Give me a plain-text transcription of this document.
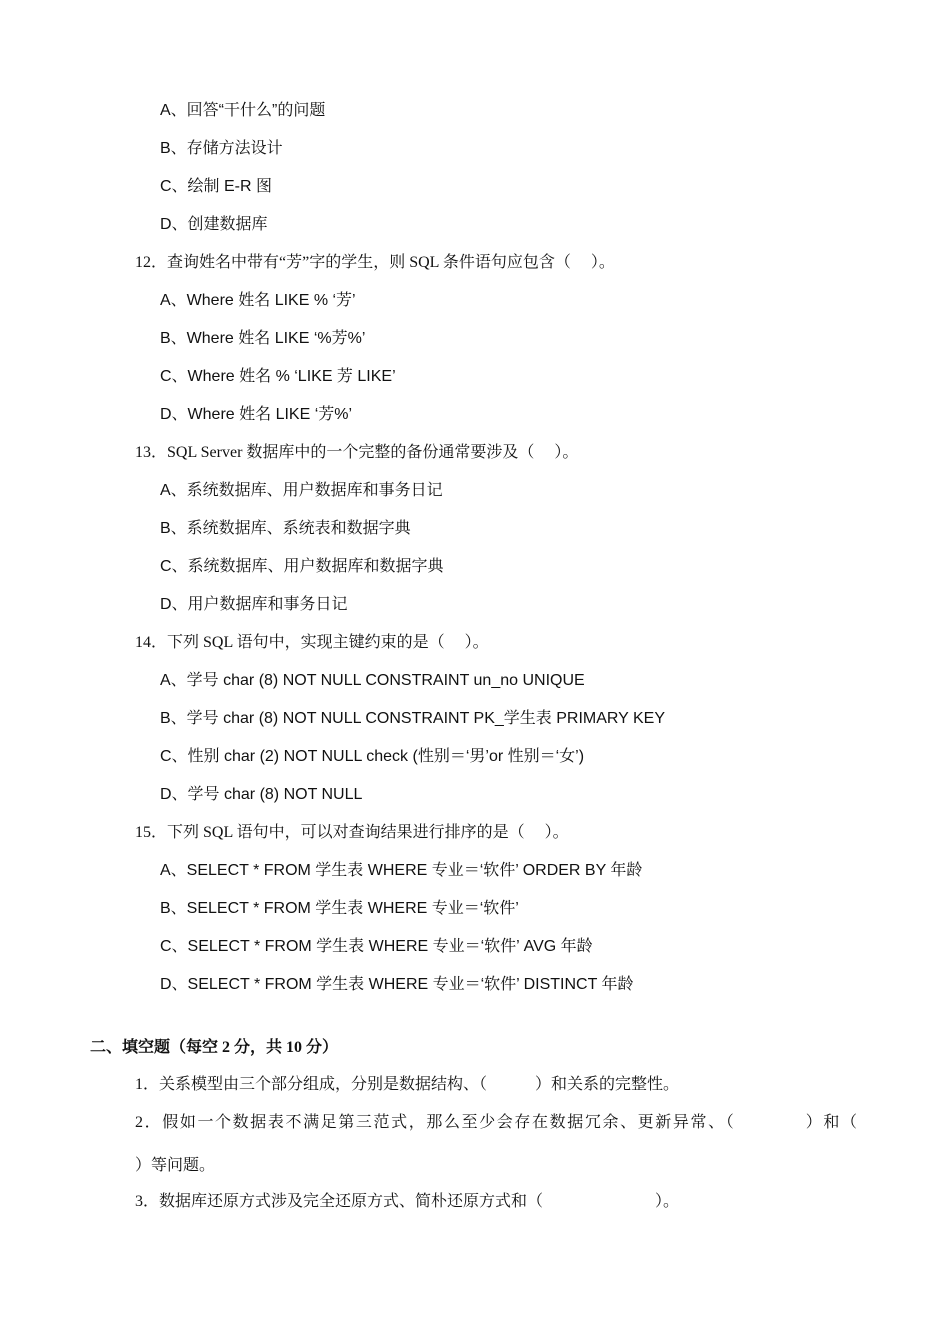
A、回答“干什么”的问题
B、存储方法设计
C、绘制 E-R 图
D、创建数据库
12．查询姓名中带有“芳”字的学生，则 SQL 条件语句应包含（　 ）。
A、Where 姓名 LIKE % ‘芳’
B、Where 姓名 LIKE ‘%芳%’
C、Where 姓名 % ‘LIKE 芳 LIKE’
D、Where 姓名 LIKE ‘芳%’
13．SQL Server 数据库中的一个完整的备份通常要涉及（　 ）。
A、系统数据库、用户数据库和事务日记
B、系统数据库、系统表和数据字典
C、系统数据库、用户数据库和数据字典
D、用户数据库和事务日记
14．下列 SQL 语句中，实现主键约束的是（　 ）。
A、学号 char (8) NOT NULL CONSTRAINT un_no UNIQUE
B、学号 char (8) NOT NULL CONSTRAINT PK_学生表 PRIMARY KEY
C、性别 char (2) NOT NULL check (性别＝‘男’or 性别＝‘女’)
D、学号 char (8) NOT NULL
15．下列 SQL 语句中，可以对查询结果进行排序的是（　 ）。
A、SELECT * FROM 学生表 WHERE 专业＝‘软件’ ORDER BY 年龄
B、SELECT * FROM 学生表 WHERE 专业＝‘软件’
C、SELECT * FROM 学生表 WHERE 专业＝‘软件’ AVG 年龄
D、SELECT * FROM 学生表 WHERE 专业＝‘软件’ DISTINCT 年龄
二、填空题（每空 2 分，共 10 分）
1．关系模型由三个部分组成，分别是数据结构、（　　　）和关系的完整性。
2．假如一个数据表不满足第三范式，那么至少会存在数据冗余、更新异常、（　　　　）和（
）等问题。
3．数据库还原方式涉及完全还原方式、简朴还原方式和（　　　　　　　）。
